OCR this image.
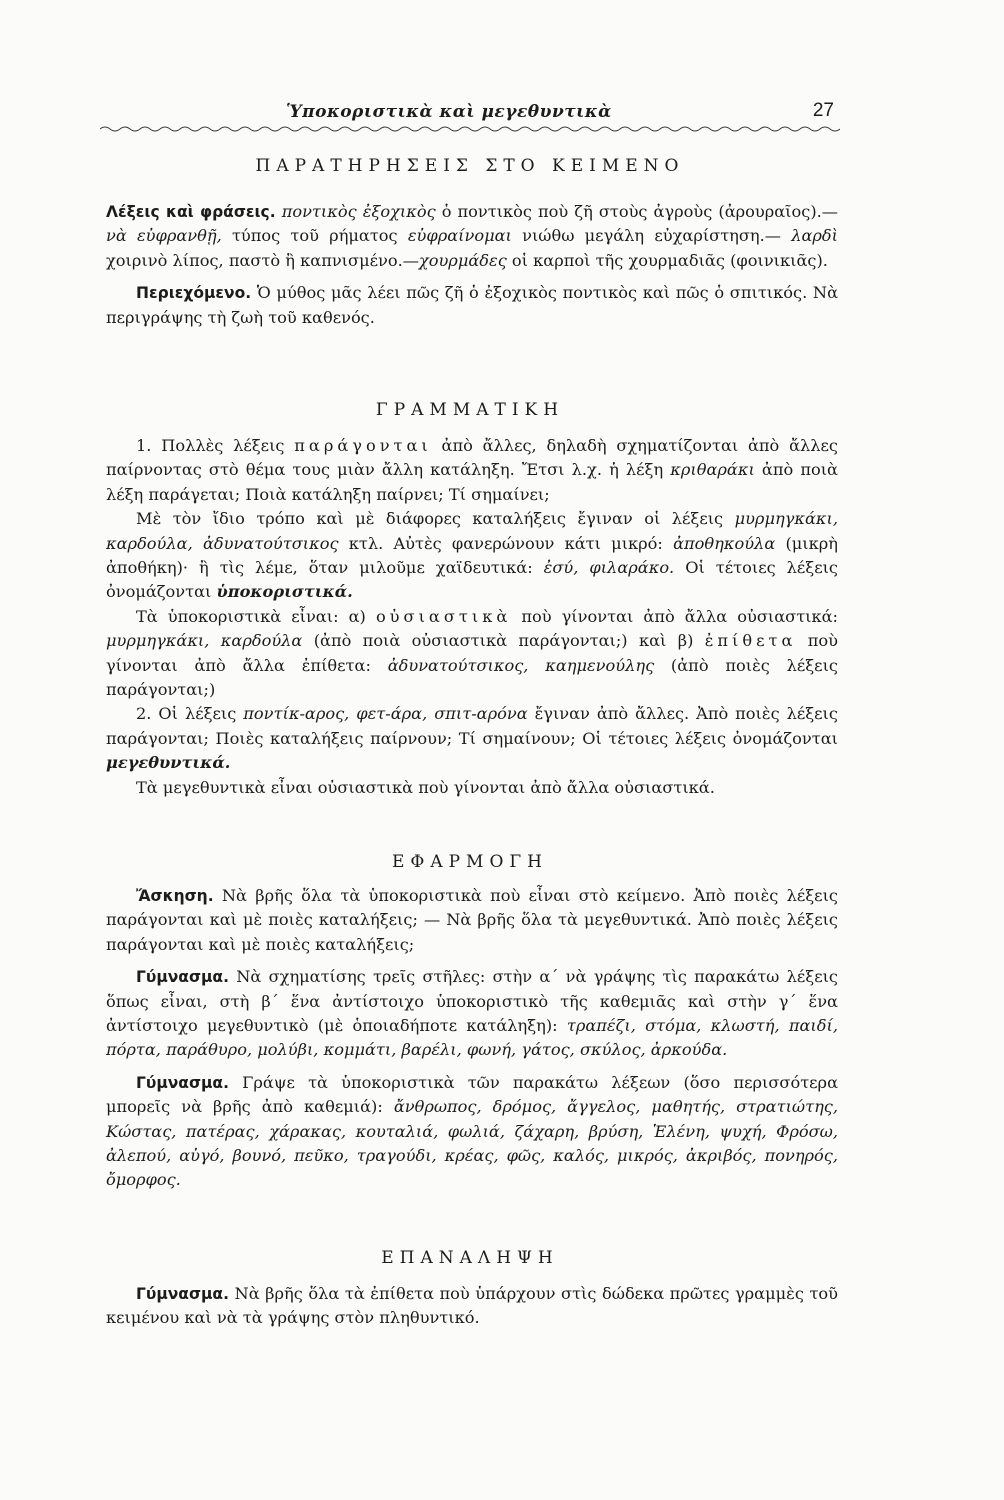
Ὑποκοριστικὰ καὶ μεγεθυντικὰ	27
ΠΑΡΑΤΗΡΗΣΕΙΣ ΣΤΟ ΚΕΙΜΕΝΟ

Λέξεις καὶ φράσεις. ποντικὸς ἐξοχικὸς ὁ ποντικὸς ποὺ ζῆ στοὺς ἀγροὺς (ἀρουραῖος).—νὰ εὐφρανθῇ, τύπος τοῦ ρήματος εὐφραίνομαι νιώθω μεγάλη εὐχαρίστηση.— λαρδὶ χοιρινὸ λίπος, παστὸ ἢ καπνισμένο.—χουρμάδες οἱ καρποὶ τῆς χουρμαδιᾶς (φοινικιᾶς).

Περιεχόμενο. Ὁ μύθος μᾶς λέει πῶς ζῆ ὁ ἐξοχικὸς ποντικὸς καὶ πῶς ὁ σπιτικός. Νὰ περιγράψης τὴ ζωὴ τοῦ καθενός.

ΓΡΑΜΜΑΤΙΚΗ

1. Πολλὲς λέξεις παράγονται ἀπὸ ἄλλες, δηλαδὴ σχηματίζονται ἀπὸ ἄλλες παίρνοντας στὸ θέμα τους μιὰν ἄλλη κατάληξη. Ἔτσι λ.χ. ἡ λέξη κριθαράκι ἀπὸ ποιὰ λέξη παράγεται; Ποιὰ κατάληξη παίρνει; Τί σημαίνει;

Μὲ τὸν ἴδιο τρόπο καὶ μὲ διάφορες καταλήξεις ἔγιναν οἱ λέξεις μυρμηγκάκι, καρδούλα, ἀδυνατούτσικος κτλ. Αὐτὲς φανερώνουν κάτι μικρό: ἀποθηκούλα (μικρὴ ἀποθήκη)· ἢ τὶς λέμε, ὅταν μιλοῦμε χαϊδευτικά: ἐσύ, φιλαράκο. Οἱ τέτοιες λέξεις ὀνομάζονται ὑποκοριστικά.

Τὰ ὑποκοριστικὰ εἶναι: α) οὐσιαστικὰ ποὺ γίνονται ἀπὸ ἄλλα οὐσιαστικά: μυρμηγκάκι, καρδούλα (ἀπὸ ποιὰ οὐσιαστικὰ παράγονται;) καὶ β) ἐπίθετα ποὺ γίνονται ἀπὸ ἄλλα ἐπίθετα: ἀδυνατούτσικος, καημενούλης (ἀπὸ ποιὲς λέξεις παράγονται;)

2. Οἱ λέξεις ποντίκ-αρος, φετ-άρα, σπιτ-αρόνα ἔγιναν ἀπὸ ἄλλες. Ἀπὸ ποιὲς λέξεις παράγονται; Ποιὲς καταλήξεις παίρνουν; Τί σημαίνουν; Οἱ τέτοιες λέξεις ὀνομάζονται μεγεθυντικά.

Τὰ μεγεθυντικὰ εἶναι οὐσιαστικὰ ποὺ γίνονται ἀπὸ ἄλλα οὐσιαστικά.

ΕΦΑΡΜΟΓΗ

Ἄσκηση. Νὰ βρῆς ὅλα τὰ ὑποκοριστικὰ ποὺ εἶναι στὸ κείμενο. Ἀπὸ ποιὲς λέξεις παράγονται καὶ μὲ ποιὲς καταλήξεις; — Νὰ βρῆς ὅλα τὰ μεγεθυντικά. Ἀπὸ ποιὲς λέξεις παράγονται καὶ μὲ ποιὲς καταλήξεις;

Γύμνασμα. Νὰ σχηματίσης τρεῖς στῆλες: στὴν α΄ νὰ γράψης τὶς παρακάτω λέξεις ὅπως εἶναι, στὴ β΄ ἕνα ἀντίστοιχο ὑποκοριστικὸ τῆς καθεμιᾶς καὶ στὴν γ΄ ἕνα ἀντίστοιχο μεγεθυντικὸ (μὲ ὁποιαδήποτε κατάληξη): τραπέζι, στόμα, κλωστή, παιδί, πόρτα, παράθυρο, μολύβι, κομμάτι, βαρέλι, φωνή, γάτος, σκύλος, ἀρκούδα.

Γύμνασμα. Γράψε τὰ ὑποκοριστικὰ τῶν παρακάτω λέξεων (ὅσο περισσότερα μπορεῖς νὰ βρῆς ἀπὸ καθεμιά): ἄνθρωπος, δρόμος, ἄγγελος, μαθητής, στρατιώτης, Κώστας, πατέρας, χάρακας, κουταλιά, φωλιά, ζάχαρη, βρύση, Ἑλένη, ψυχή, Φρόσω, ἀλεπού, αὐγό, βουνό, πεῦκο, τραγούδι, κρέας, φῶς, καλός, μικρός, ἀκριβός, πονηρός, ὄμορφος.

ΕΠΑΝΑΛΗΨΗ

Γύμνασμα. Νὰ βρῆς ὅλα τὰ ἐπίθετα ποὺ ὑπάρχουν στὶς δώδεκα πρῶτες γραμμὲς τοῦ κειμένου καὶ νὰ τὰ γράψης στὸν πληθυντικό.
